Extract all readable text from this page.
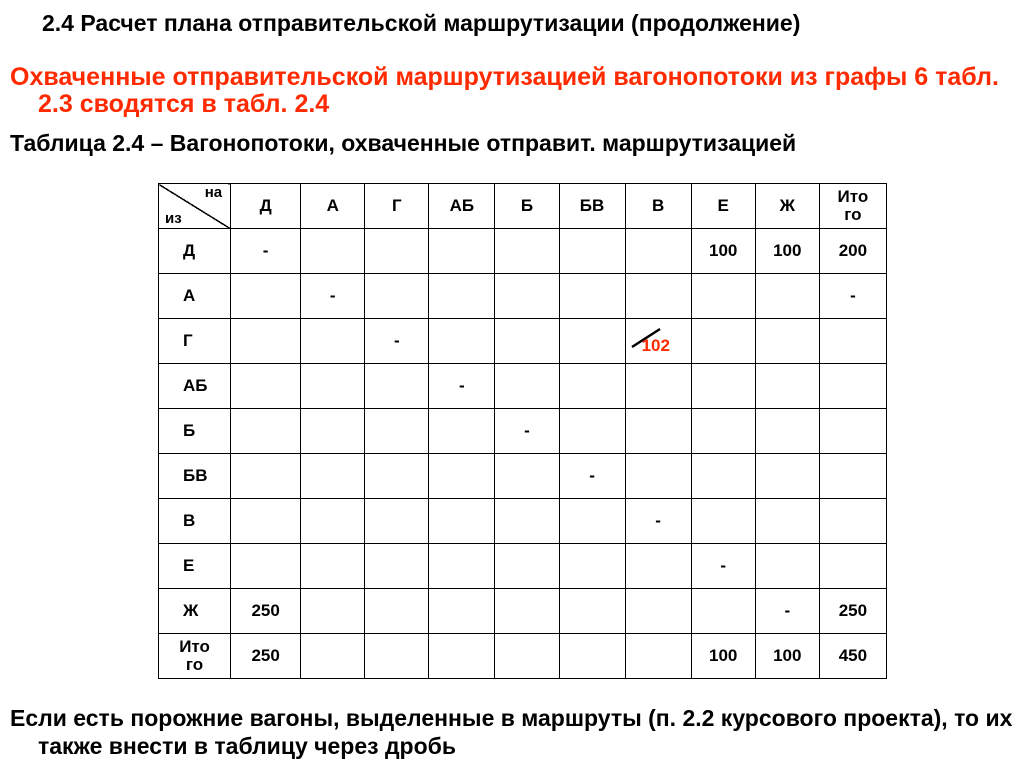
2.4 Расчет плана отправительской маршрутизации (продолжение)
Охваченные отправительской маршрутизацией вагонопотоки из графы 6 табл. 2.3 сводятся в табл. 2.4
Таблица 2.4 – Вагонопотоки, охваченные отправит. маршрутизацией
на
из	Д	А	Г	АБ	Б	БВ	В	Е	Ж	Ито
го
Д	-							100	100	200
А		-								-
Г			-				102			

АБ				-						
Б					-					
БВ						-				
В							-			
Е								-		
Ж	250								-	250
Ито
го	250							100	100	450
Если есть порожние вагоны, выделенные в маршруты (п. 2.2 курсового проекта), то их также внести в таблицу через дробь
